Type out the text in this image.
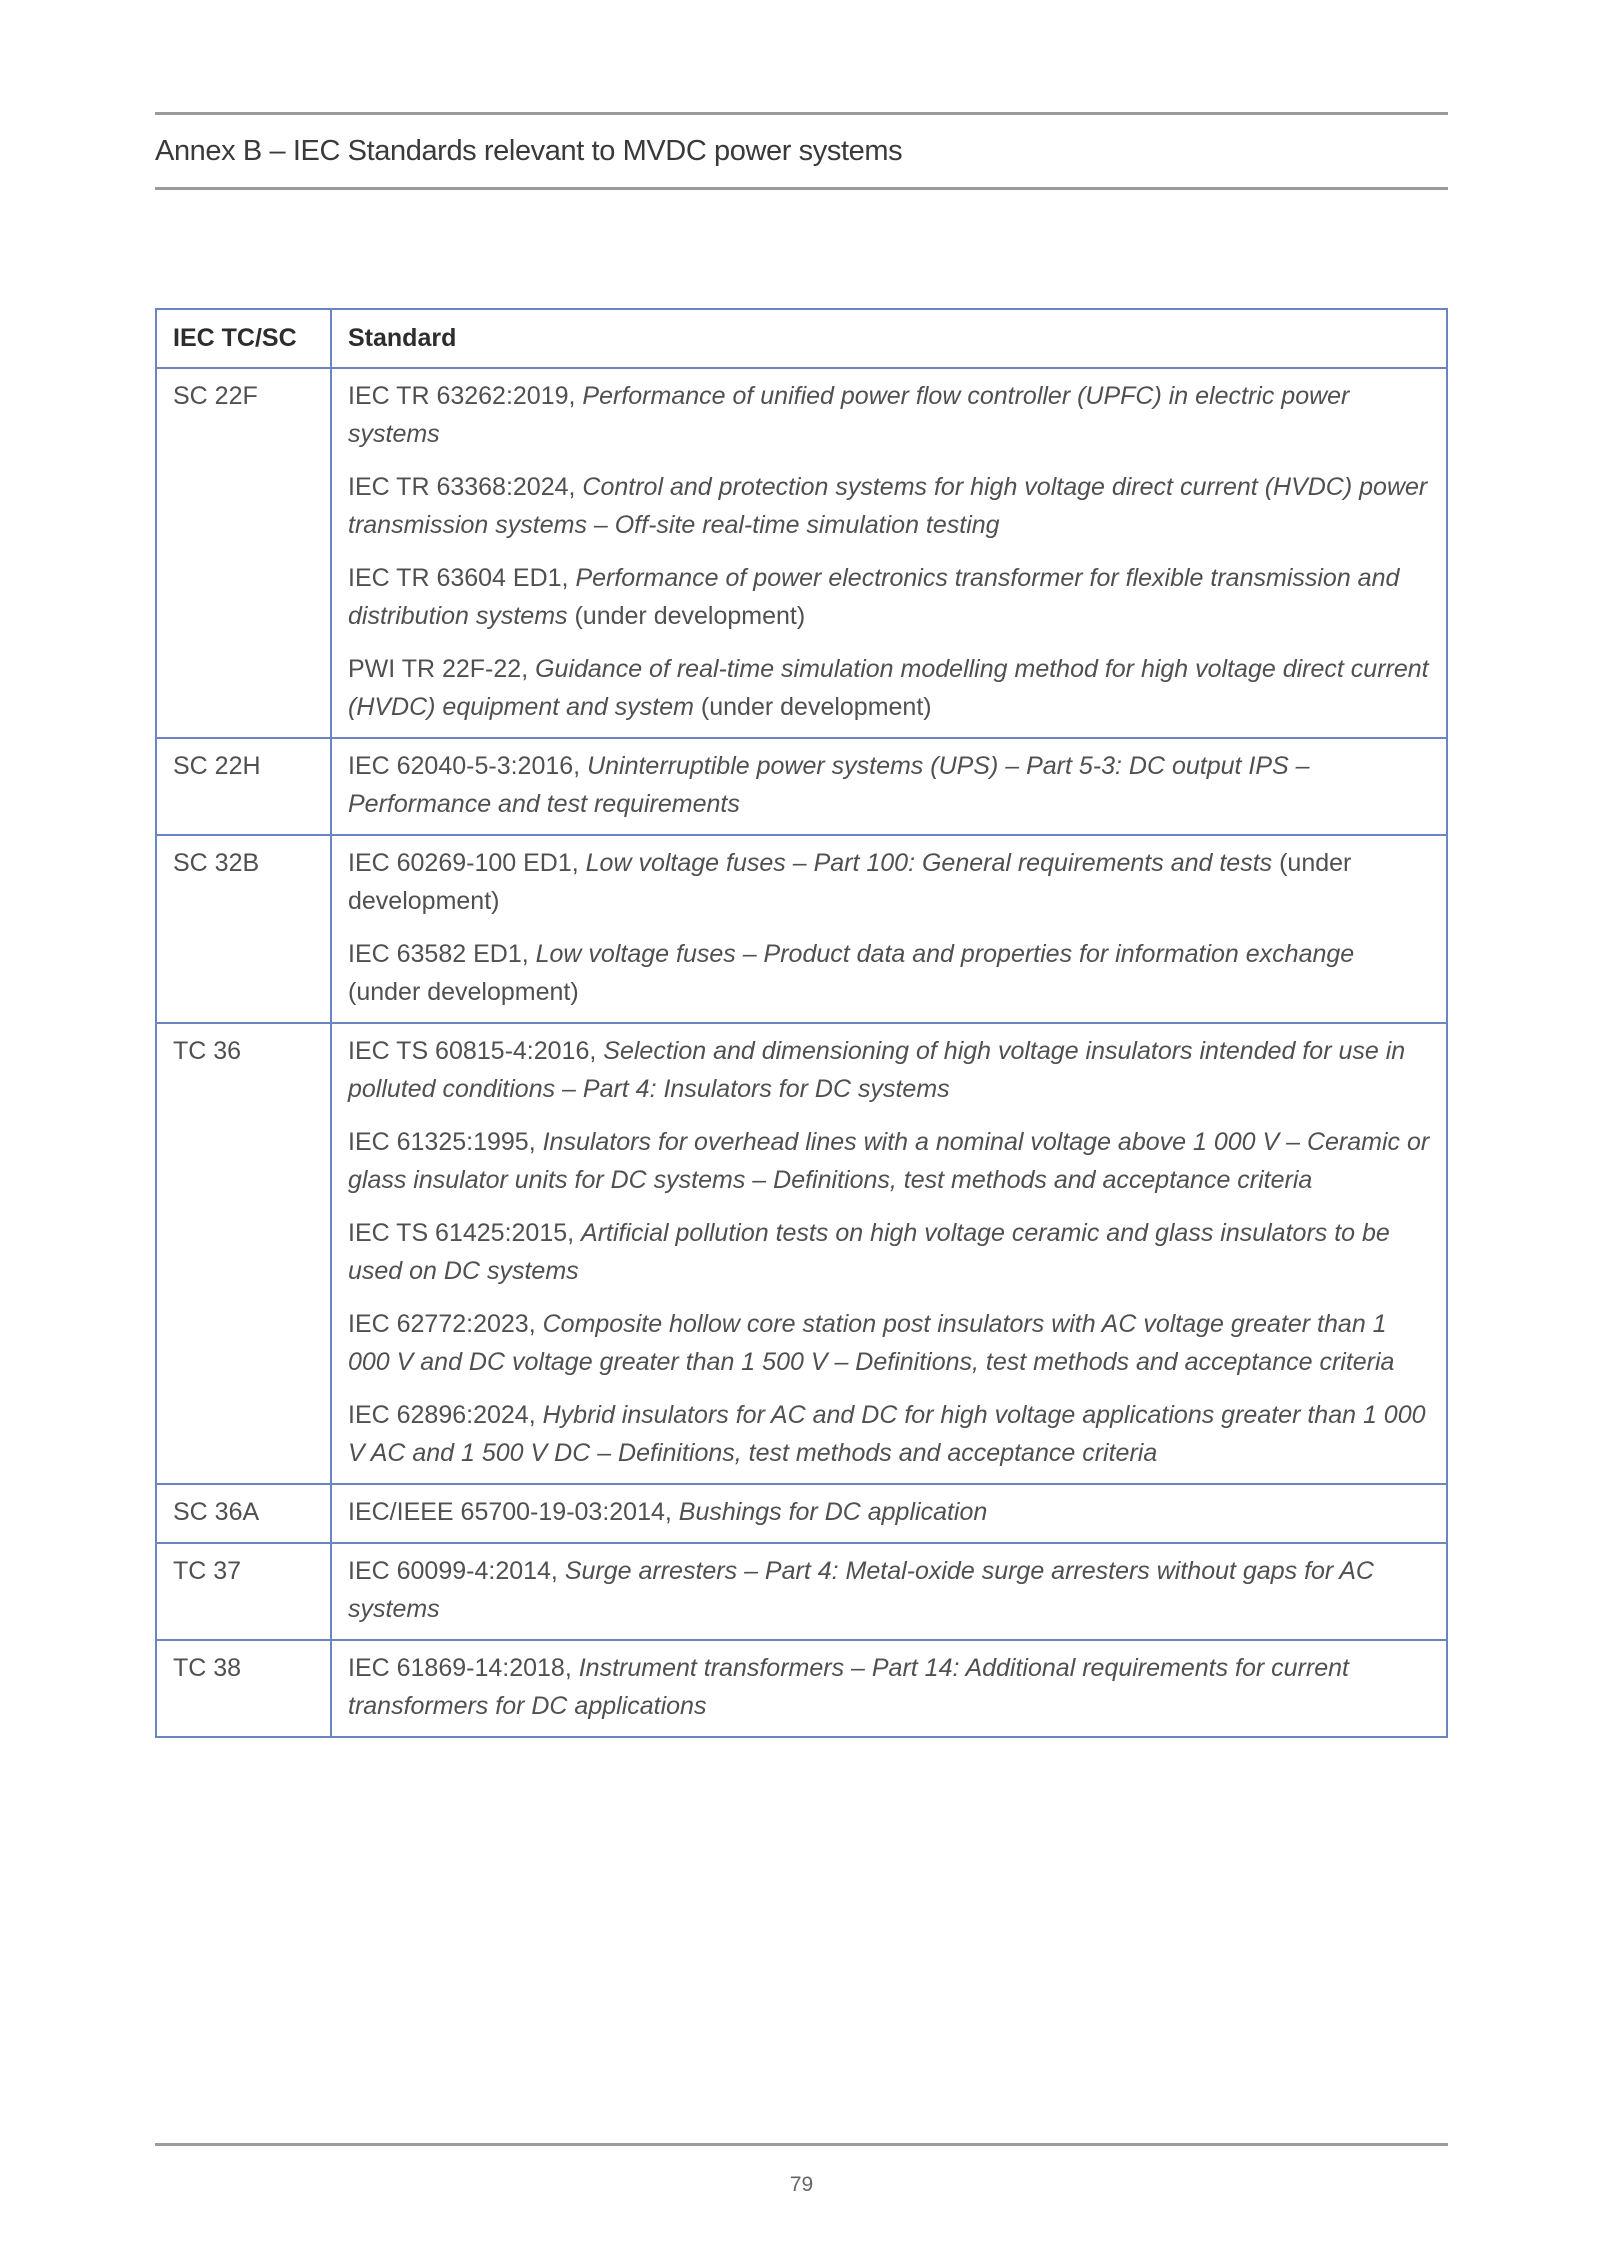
Annex B – IEC Standards relevant to MVDC power systems
IEC TC/SC	Standard
SC 22F	IEC TR 63262:2019, Performance of unified power flow controller (UPFC) in electric power systems

IEC TR 63368:2024, Control and protection systems for high voltage direct current (HVDC) power transmission systems – Off-site real-time simulation testing

IEC TR 63604 ED1, Performance of power electronics transformer for flexible transmission and distribution systems (under development)

PWI TR 22F-22, Guidance of real-time simulation modelling method for high voltage direct current (HVDC) equipment and system (under development)

SC 22H	IEC 62040-5-3:2016, Uninterruptible power systems (UPS) – Part 5-3: DC output IPS – Performance and test requirements

SC 32B	IEC 60269-100 ED1, Low voltage fuses – Part 100: General requirements and tests (under development)

IEC 63582 ED1, Low voltage fuses – Product data and properties for information exchange (under development)

TC 36	IEC TS 60815-4:2016, Selection and dimensioning of high voltage insulators intended for use in polluted conditions – Part 4: Insulators for DC systems

IEC 61325:1995, Insulators for overhead lines with a nominal voltage above 1 000 V – Ceramic or glass insulator units for DC systems – Definitions, test methods and acceptance criteria

IEC TS 61425:2015, Artificial pollution tests on high voltage ceramic and glass insulators to be used on DC systems

IEC 62772:2023, Composite hollow core station post insulators with AC voltage greater than 1 000 V and DC voltage greater than 1 500 V – Definitions, test methods and acceptance criteria

IEC 62896:2024, Hybrid insulators for AC and DC for high voltage applications greater than 1 000 V AC and 1 500 V DC – Definitions, test methods and acceptance criteria

SC 36A	IEC/IEEE 65700-19-03:2014, Bushings for DC application

TC 37	IEC 60099-4:2014, Surge arresters – Part 4: Metal-oxide surge arresters without gaps for AC systems

TC 38	IEC 61869-14:2018, Instrument transformers – Part 14: Additional requirements for current transformers for DC applications

79
